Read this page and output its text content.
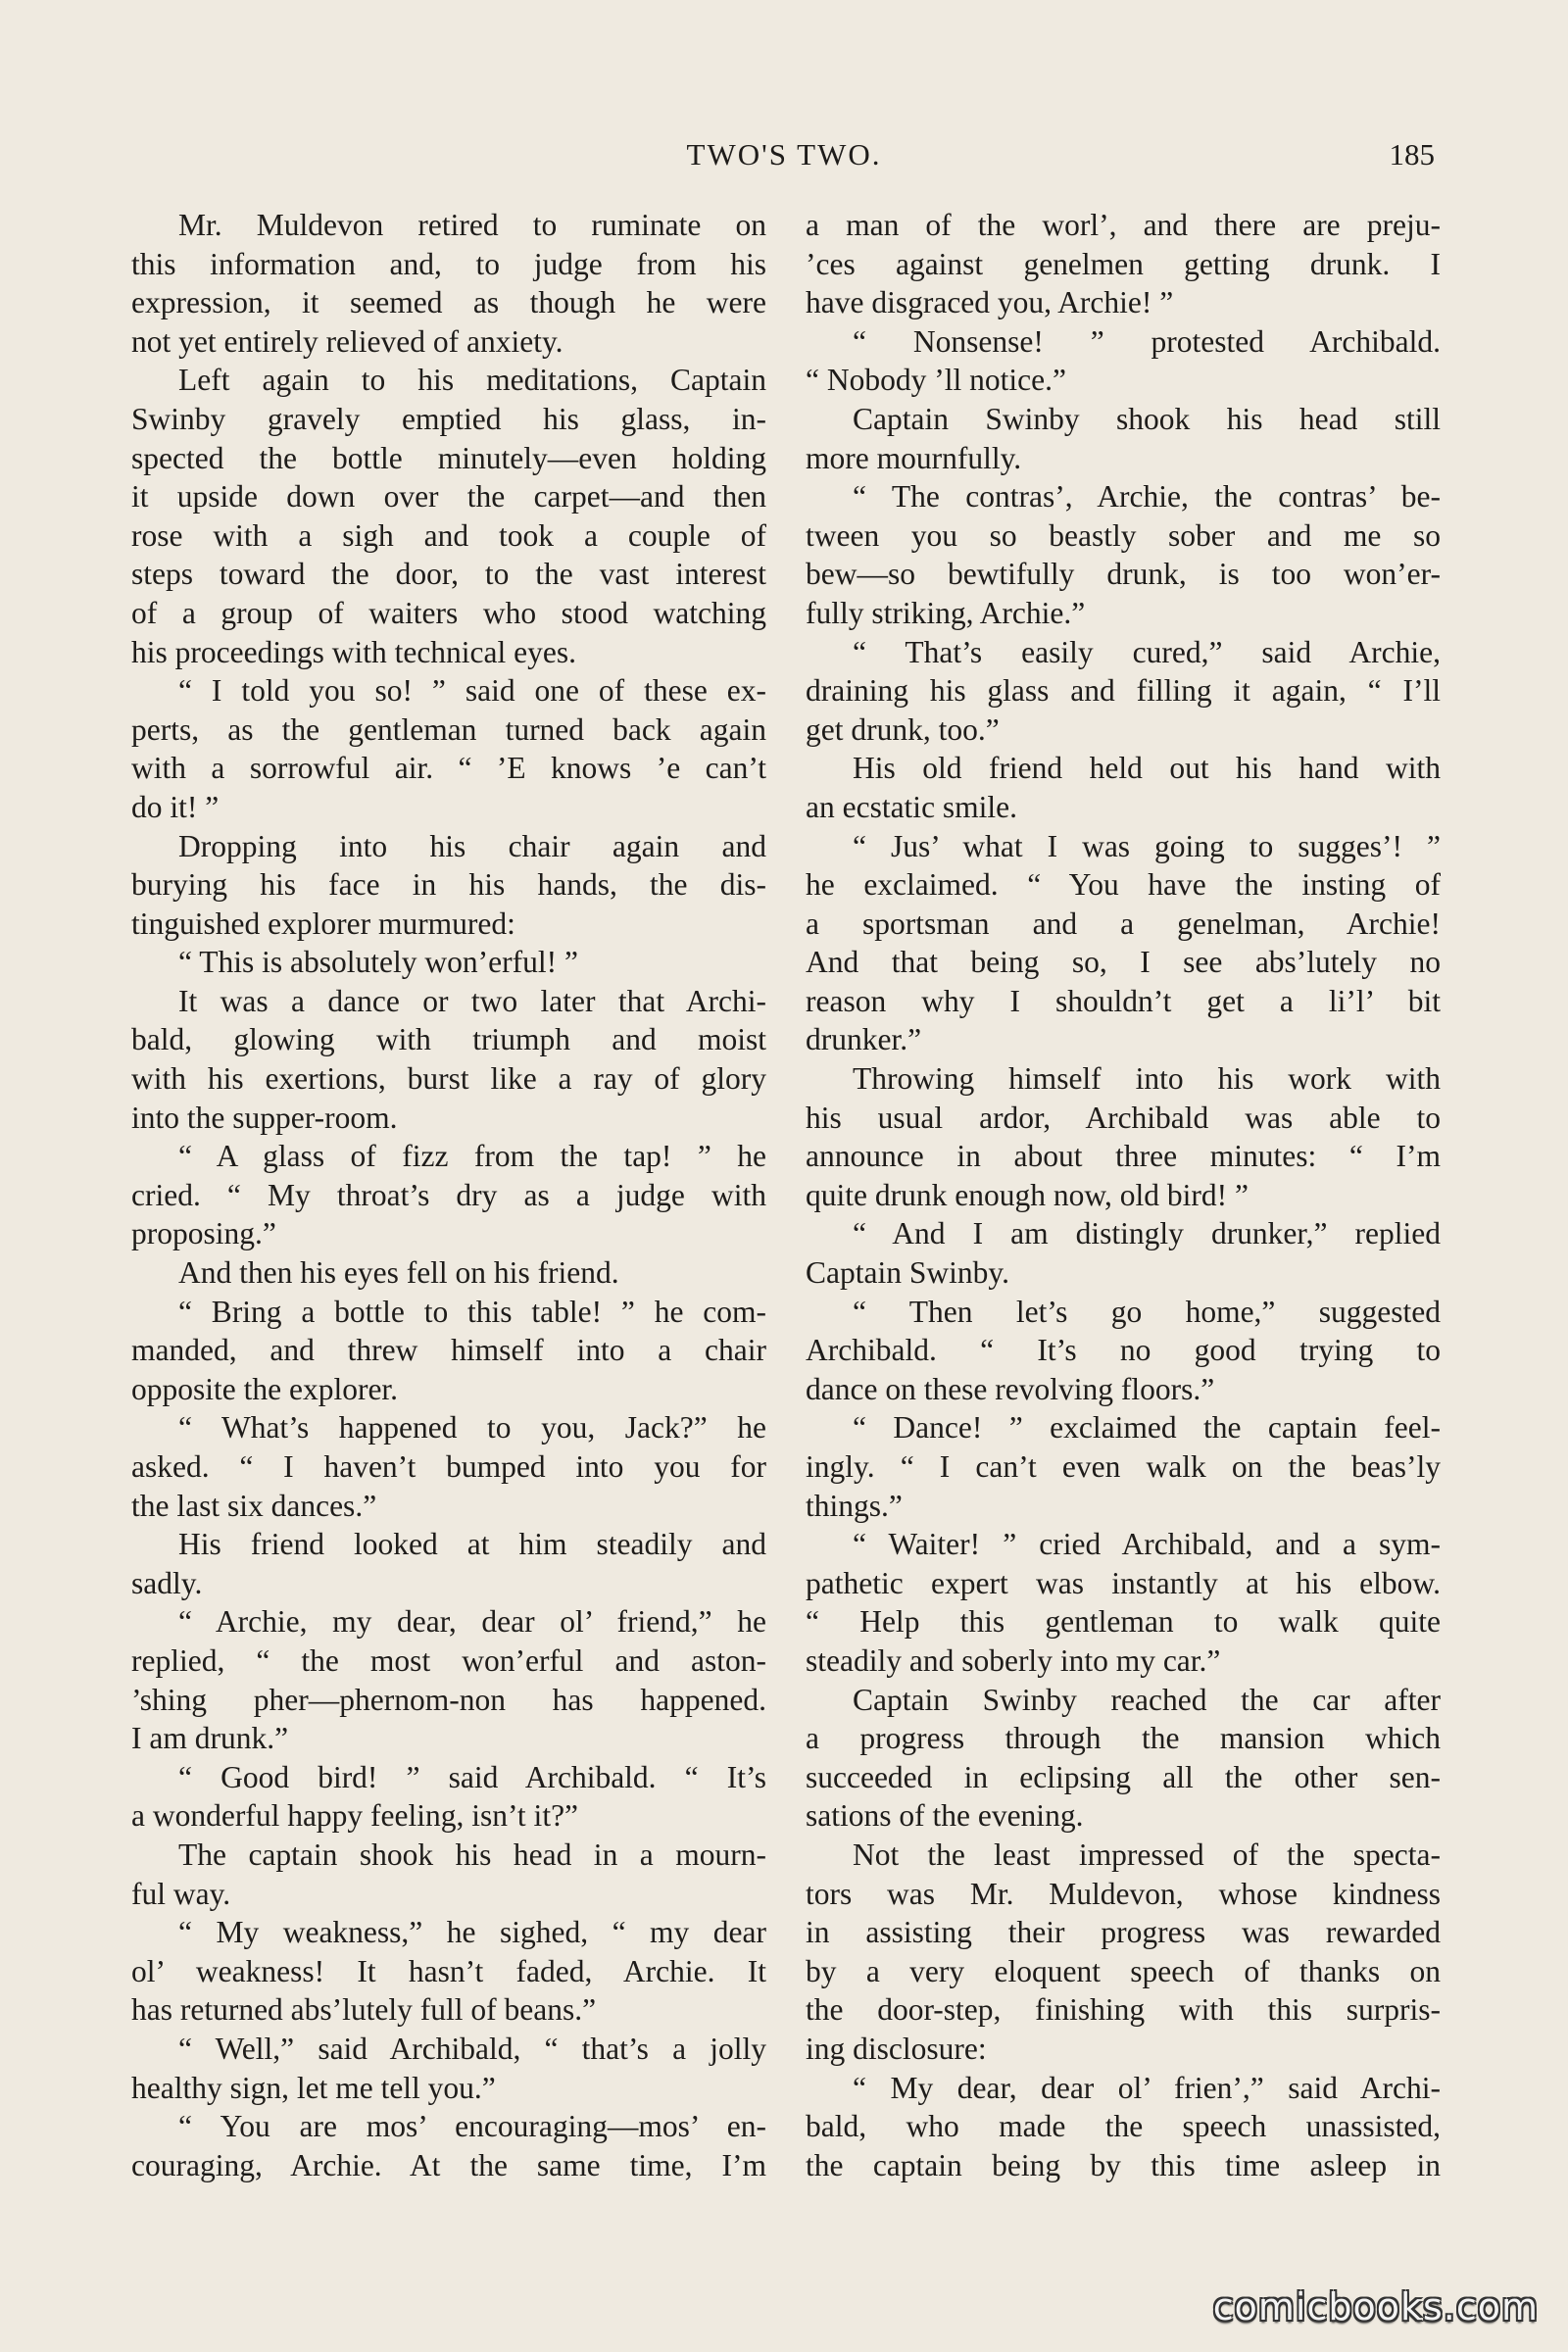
TWO'S TWO.	185
Mr. Muldevon retired to ruminate on
this information and, to judge from his
expression, it seemed as though he were
not yet entirely relieved of anxiety.
Left again to his meditations, Captain
Swinby gravely emptied his glass, in-
spected the bottle minutely—even holding
it upside down over the carpet—and then
rose with a sigh and took a couple of
steps toward the door, to the vast interest
of a group of waiters who stood watching
his proceedings with technical eyes.
“ I told you so! ” said one of these ex-
perts, as the gentleman turned back again
with a sorrowful air. “ ’E knows ’e can’t
do it! ”
Dropping into his chair again and
burying his face in his hands, the dis-
tinguished explorer murmured:
“ This is absolutely won’erful! ”
It was a dance or two later that Archi-
bald, glowing with triumph and moist
with his exertions, burst like a ray of glory
into the supper-room.
“ A glass of fizz from the tap! ” he
cried. “ My throat’s dry as a judge with
proposing.”
And then his eyes fell on his friend.
“ Bring a bottle to this table! ” he com-
manded, and threw himself into a chair
opposite the explorer.
“ What’s happened to you, Jack?” he
asked. “ I haven’t bumped into you for
the last six dances.”
His friend looked at him steadily and
sadly.
“ Archie, my dear, dear ol’ friend,” he
replied, “ the most won’erful and aston-
’shing pher—phernom-non has happened.
I am drunk.”
“ Good bird! ” said Archibald. “ It’s
a wonderful happy feeling, isn’t it?”
The captain shook his head in a mourn-
ful way.
“ My weakness,” he sighed, “ my dear
ol’ weakness! It hasn’t faded, Archie. It
has returned abs’lutely full of beans.”
“ Well,” said Archibald, “ that’s a jolly
healthy sign, let me tell you.”
“ You are mos’ encouraging—mos’ en-
couraging, Archie. At the same time, I’m
a man of the worl’, and there are preju-
’ces against genelmen getting drunk. I
have disgraced you, Archie! ”
“ Nonsense! ” protested Archibald.
“ Nobody ’ll notice.”
Captain Swinby shook his head still
more mournfully.
“ The contras’, Archie, the contras’ be-
tween you so beastly sober and me so
bew—so bewtifully drunk, is too won’er-
fully striking, Archie.”
“ That’s easily cured,” said Archie,
draining his glass and filling it again, “ I’ll
get drunk, too.”
His old friend held out his hand with
an ecstatic smile.
“ Jus’ what I was going to sugges’! ”
he exclaimed. “ You have the insting of
a sportsman and a genelman, Archie!
And that being so, I see abs’lutely no
reason why I shouldn’t get a li’l’ bit
drunker.”
Throwing himself into his work with
his usual ardor, Archibald was able to
announce in about three minutes: “ I’m
quite drunk enough now, old bird! ”
“ And I am distingly drunker,” replied
Captain Swinby.
“ Then let’s go home,” suggested
Archibald. “ It’s no good trying to
dance on these revolving floors.”
“ Dance! ” exclaimed the captain feel-
ingly. “ I can’t even walk on the beas’ly
things.”
“ Waiter! ” cried Archibald, and a sym-
pathetic expert was instantly at his elbow.
“ Help this gentleman to walk quite
steadily and soberly into my car.”
Captain Swinby reached the car after
a progress through the mansion which
succeeded in eclipsing all the other sen-
sations of the evening.
Not the least impressed of the specta-
tors was Mr. Muldevon, whose kindness
in assisting their progress was rewarded
by a very eloquent speech of thanks on
the door-step, finishing with this surpris-
ing disclosure:
“ My dear, dear ol’ frien’,” said Archi-
bald, who made the speech unassisted,
the captain being by this time asleep in
comicbooks.com
